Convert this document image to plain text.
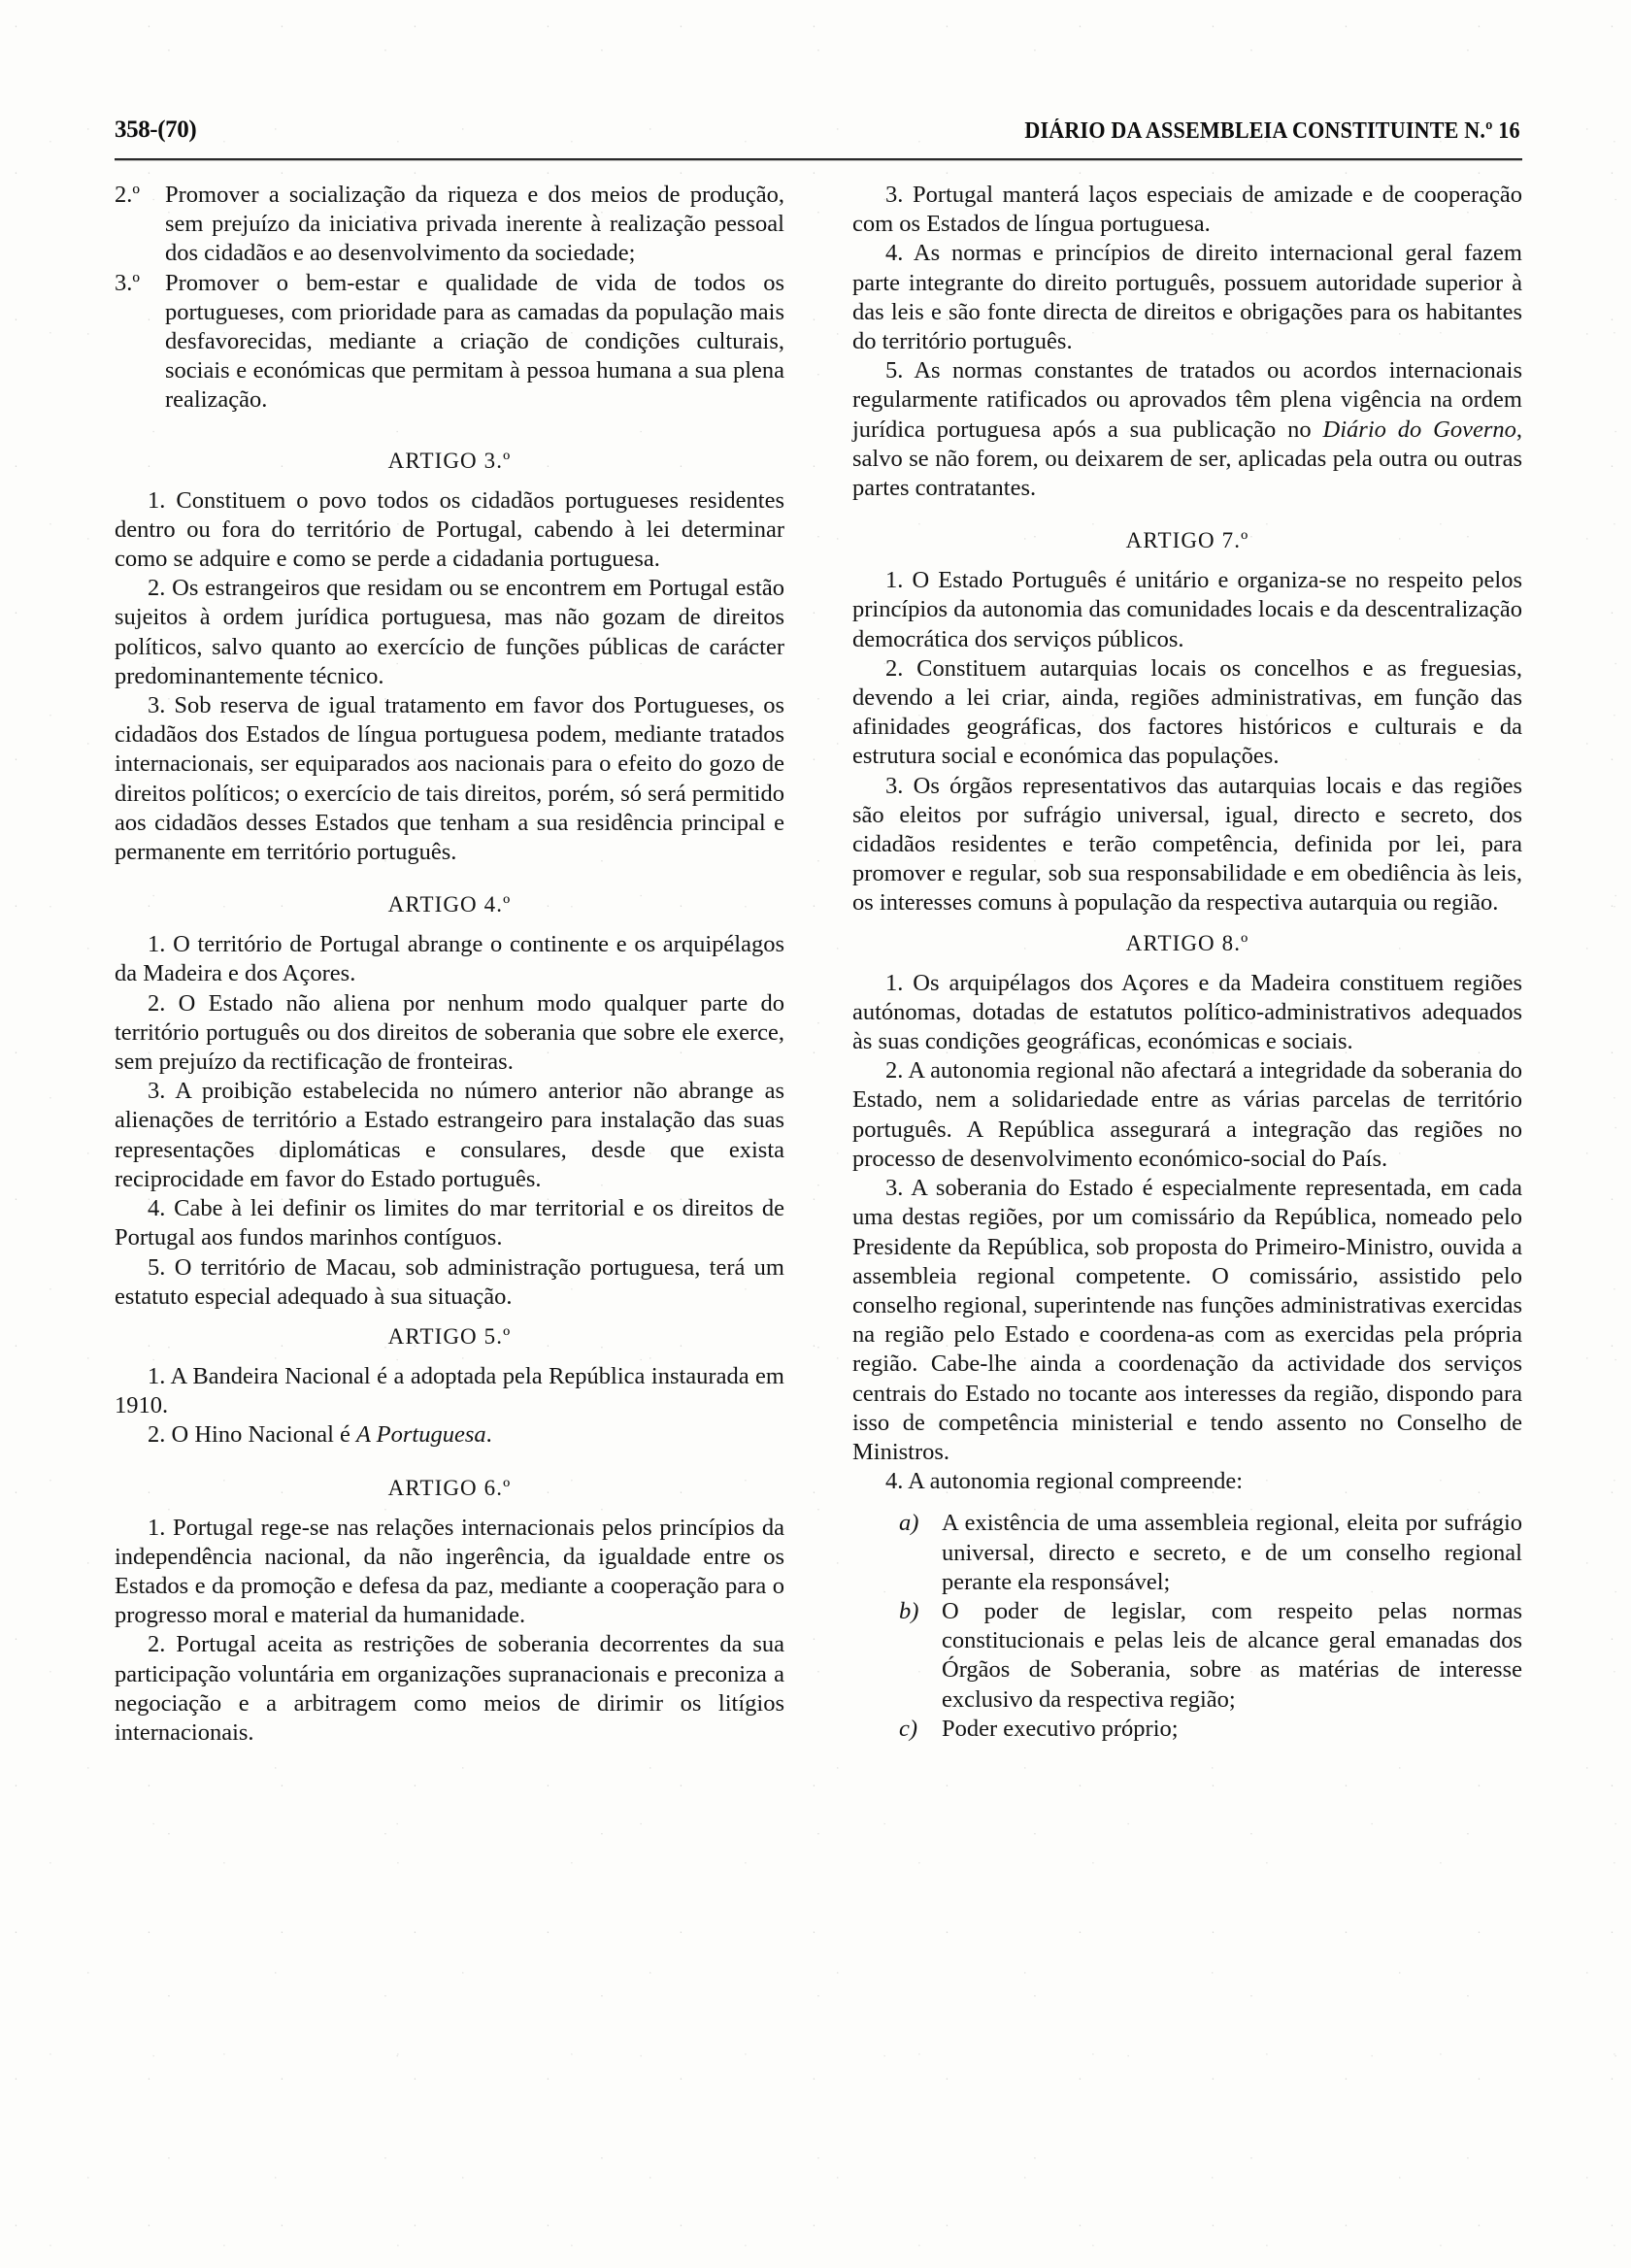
358-(70)	DIÁRIO DA ASSEMBLEIA CONSTITUINTE N.º 16
2.º	Promover a socialização da riqueza e dos meios de produção, sem prejuízo da iniciativa privada inerente à realização pessoal dos cidadãos e ao desenvolvimento da sociedade;
3.º	Promover o bem-estar e qualidade de vida de todos os portugueses, com prioridade para as camadas da população mais desfavorecidas, mediante a criação de condições culturais, sociais e económicas que permitam à pessoa humana a sua plena realização.
ARTIGO 3.º

1. Constituem o povo todos os cidadãos portugueses residentes dentro ou fora do território de Portugal, cabendo à lei determinar como se adquire e como se perde a cidadania portuguesa.

2. Os estrangeiros que residam ou se encontrem em Portugal estão sujeitos à ordem jurídica portuguesa, mas não gozam de direitos políticos, salvo quanto ao exercício de funções públicas de carácter predominantemente técnico.

3. Sob reserva de igual tratamento em favor dos Portugueses, os cidadãos dos Estados de língua portuguesa podem, mediante tratados internacionais, ser equiparados aos nacionais para o efeito do gozo de direitos políticos; o exercício de tais direitos, porém, só será permitido aos cidadãos desses Estados que tenham a sua residência principal e permanente em território português.

ARTIGO 4.º

1. O território de Portugal abrange o continente e os arquipélagos da Madeira e dos Açores.

2. O Estado não aliena por nenhum modo qualquer parte do território português ou dos direitos de soberania que sobre ele exerce, sem prejuízo da rectificação de fronteiras.

3. A proibição estabelecida no número anterior não abrange as alienações de território a Estado estrangeiro para instalação das suas representações diplomáticas e consulares, desde que exista reciprocidade em favor do Estado português.

4. Cabe à lei definir os limites do mar territorial e os direitos de Portugal aos fundos marinhos contíguos.

5. O território de Macau, sob administração portuguesa, terá um estatuto especial adequado à sua situação.

ARTIGO 5.º

1. A Bandeira Nacional é a adoptada pela República instaurada em 1910.

2. O Hino Nacional é A Portuguesa.

ARTIGO 6.º

1. Portugal rege-se nas relações internacionais pelos princípios da independência nacional, da não ingerência, da igualdade entre os Estados e da promoção e defesa da paz, mediante a cooperação para o progresso moral e material da humanidade.

2. Portugal aceita as restrições de soberania decorrentes da sua participação voluntária em organizações supranacionais e preconiza a negociação e a arbitragem como meios de dirimir os litígios internacionais.

3. Portugal manterá laços especiais de amizade e de cooperação com os Estados de língua portuguesa.

4. As normas e princípios de direito internacional geral fazem parte integrante do direito português, possuem autoridade superior à das leis e são fonte directa de direitos e obrigações para os habitantes do território português.

5. As normas constantes de tratados ou acordos internacionais regularmente ratificados ou aprovados têm plena vigência na ordem jurídica portuguesa após a sua publicação no Diário do Governo, salvo se não forem, ou deixarem de ser, aplicadas pela outra ou outras partes contratantes.

ARTIGO 7.º

1. O Estado Português é unitário e organiza-se no respeito pelos princípios da autonomia das comunidades locais e da descentralização democrática dos serviços públicos.

2. Constituem autarquias locais os concelhos e as freguesias, devendo a lei criar, ainda, regiões administrativas, em função das afinidades geográficas, dos factores históricos e culturais e da estrutura social e económica das populações.

3. Os órgãos representativos das autarquias locais e das regiões são eleitos por sufrágio universal, igual, directo e secreto, dos cidadãos residentes e terão competência, definida por lei, para promover e regular, sob sua responsabilidade e em obediência às leis, os interesses comuns à população da respectiva autarquia ou região.

ARTIGO 8.º

1. Os arquipélagos dos Açores e da Madeira constituem regiões autónomas, dotadas de estatutos político-administrativos adequados às suas condições geográficas, económicas e sociais.

2. A autonomia regional não afectará a integridade da soberania do Estado, nem a solidariedade entre as várias parcelas de território português. A República assegurará a integração das regiões no processo de desenvolvimento económico-social do País.

3. A soberania do Estado é especialmente representada, em cada uma destas regiões, por um comissário da República, nomeado pelo Presidente da República, sob proposta do Primeiro-Ministro, ouvida a assembleia regional competente. O comissário, assistido pelo conselho regional, superintende nas funções administrativas exercidas na região pelo Estado e coordena-as com as exercidas pela própria região. Cabe-lhe ainda a coordenação da actividade dos serviços centrais do Estado no tocante aos interesses da região, dispondo para isso de competência ministerial e tendo assento no Conselho de Ministros.

4. A autonomia regional compreende:

a) A existência de uma assembleia regional, eleita por sufrágio universal, directo e secreto, e de um conselho regional perante ela responsável;
b) O poder de legislar, com respeito pelas normas constitucionais e pelas leis de alcance geral emanadas dos Órgãos de Soberania, sobre as matérias de interesse exclusivo da respectiva região;
c)	Poder executivo próprio;
